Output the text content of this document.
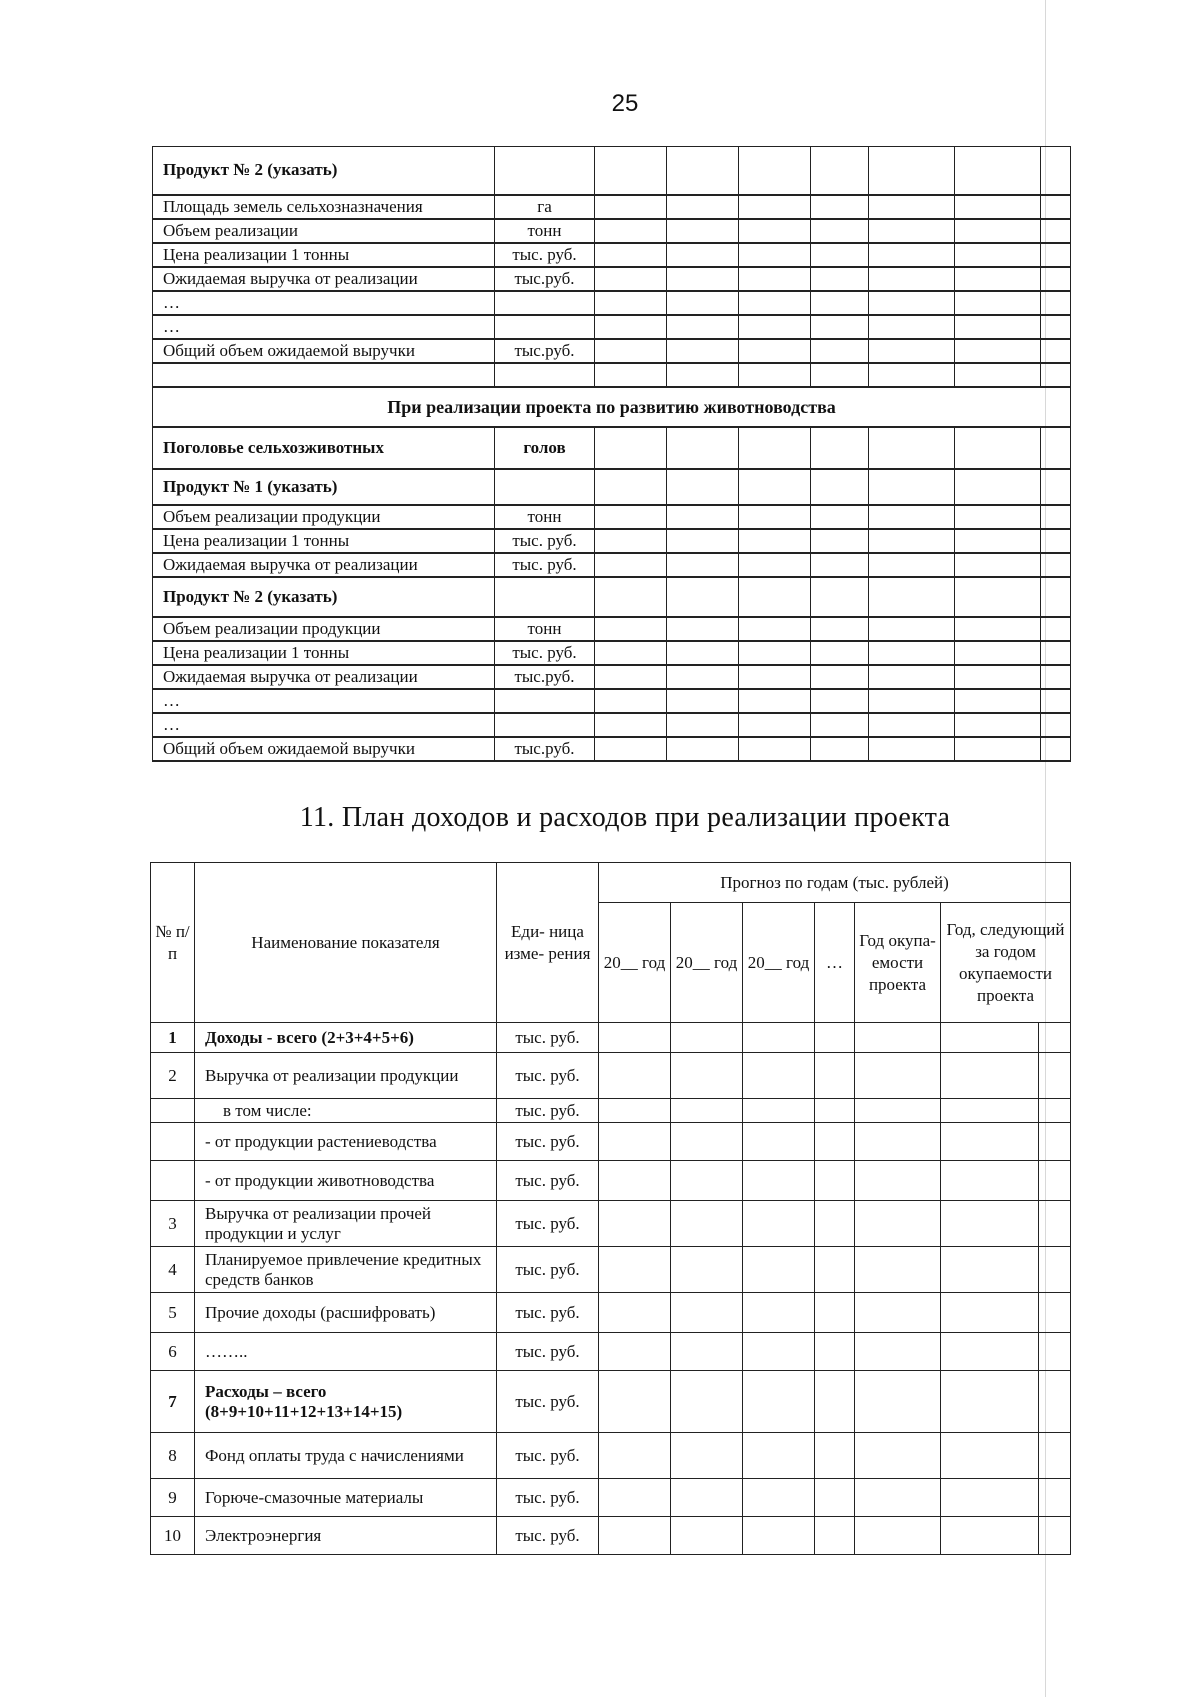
25
Продукт № 2 (указать)								
Площадь земель сельхозназначения	га							
Объем реализации	тонн							
Цена реализации 1 тонны	тыс. руб.							
Ожидаемая выручка от реализации	тыс.руб.							
…								
…								
Общий объем ожидаемой выручки	тыс.руб.							

При реализации проекта по развитию животноводства								
Поголовье сельхозживотных	голов							
Продукт № 1 (указать)								
Объем реализации продукции	тонн							
Цена реализации 1 тонны	тыс. руб.							
Ожидаемая выручка от реализации	тыс. руб.							
Продукт № 2 (указать)								
Объем реализации продукции	тонн							
Цена реализации 1 тонны	тыс. руб.							
Ожидаемая выручка от реализации	тыс.руб.							
…								
…								
Общий объем ожидаемой выручки	тыс.руб.							
11. План доходов и расходов при реализации проекта
№ п/ п	Наименование показателя	Еди- ница изме- рения	Прогноз по годам (тыс. рублей)						
			20__ год	20__ год	20__ год	…	Год окупа- емости проекта	Год, следующий за годом окупаемости проекта	
1	Доходы - всего (2+3+4+5+6)	тыс. руб.							
2	Выручка от реализации продукции	тыс. руб.							
	в том числе:	тыс. руб.							
	- от продукции растениеводства	тыс. руб.							
	- от продукции животноводства	тыс. руб.							
3	Выручка от реализации прочей продукции и услуг	тыс. руб.							
4	Планируемое привлечение кредитных средств банков	тыс. руб.							
5	Прочие доходы (расшифровать)	тыс. руб.							
6	……..	тыс. руб.							
7	Расходы – всего (8+9+10+11+12+13+14+15)	тыс. руб.							
8	Фонд оплаты труда с начислениями	тыс. руб.							
9	Горюче-смазочные материалы	тыс. руб.							
10	Электроэнергия	тыс. руб.							
